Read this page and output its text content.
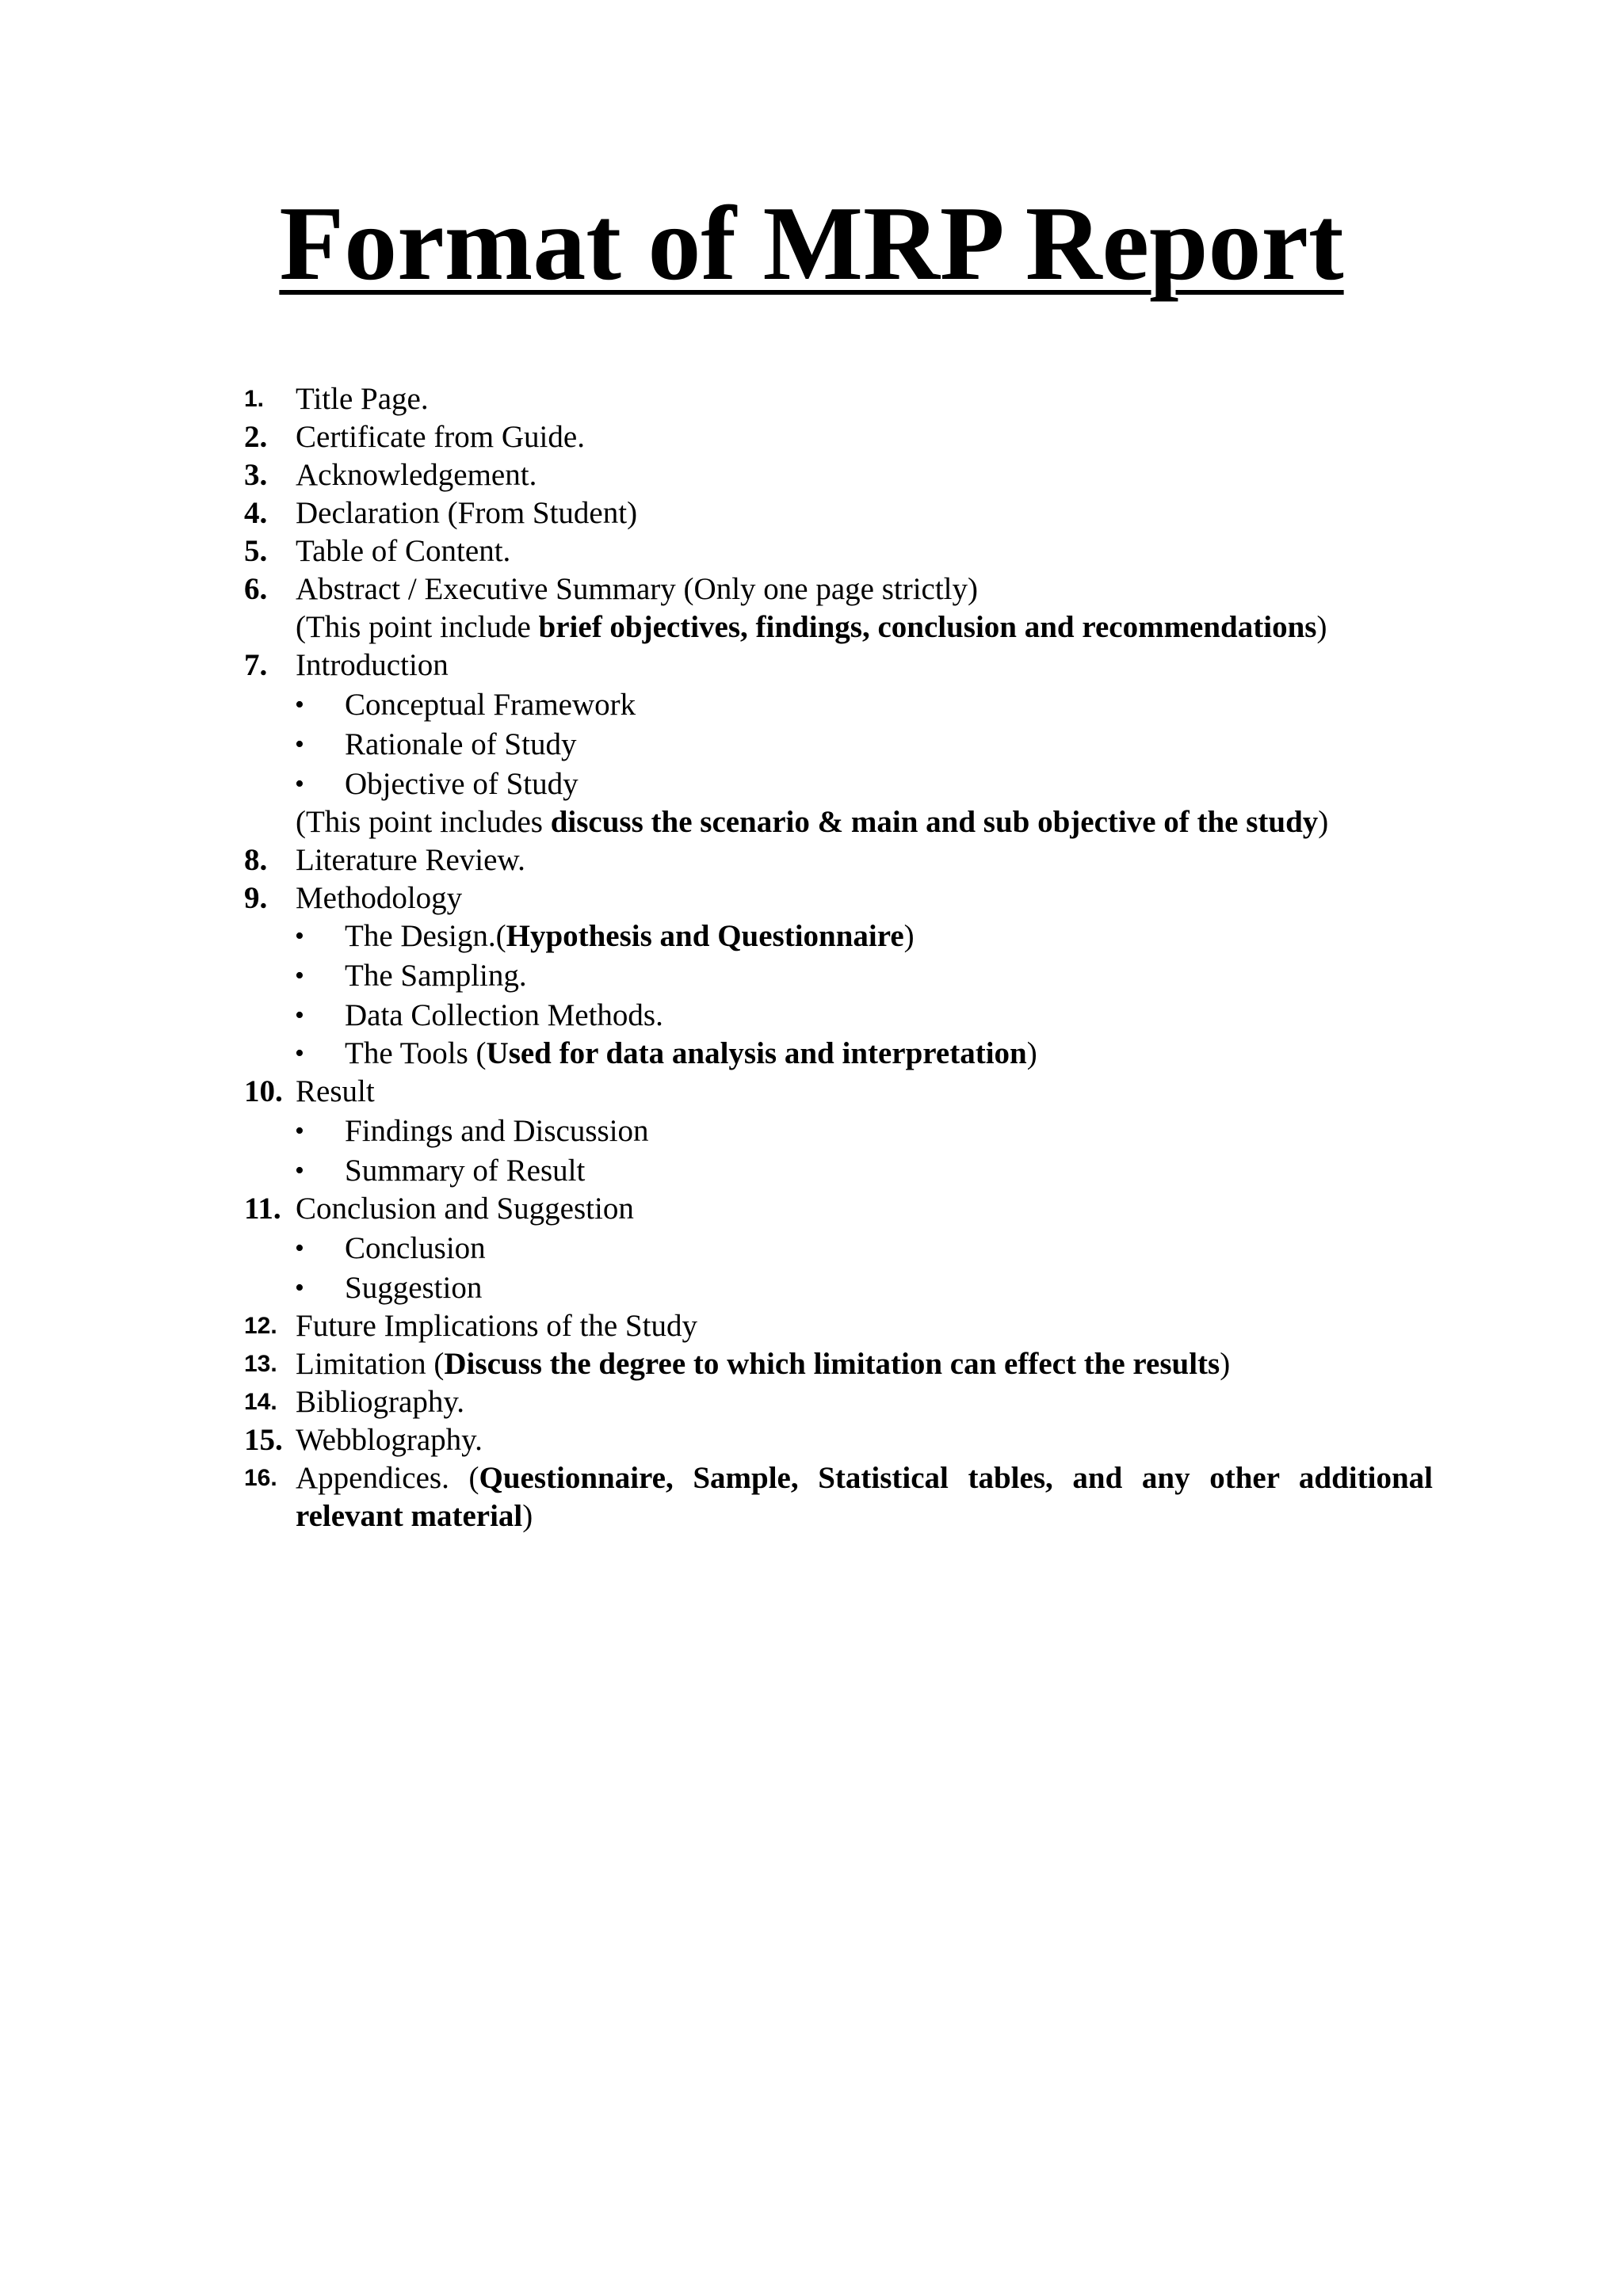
Format of MRP Report
1. Title Page.
2. Certificate from Guide.
3. Acknowledgement.
4. Declaration (From Student)
5. Table of Content.
6. Abstract / Executive Summary (Only one page strictly)
(This point include brief objectives, findings, conclusion and recommendations)
7. Introduction
• Conceptual Framework
• Rationale of Study
• Objective of Study
(This point includes discuss the scenario & main and sub objective of the study)
8. Literature Review.
9. Methodology
• The Design.(Hypothesis and Questionnaire)
• The Sampling.
• Data Collection Methods.
• The Tools (Used for data analysis and interpretation)
10. Result
• Findings and Discussion
• Summary of Result
11. Conclusion and Suggestion
• Conclusion
• Suggestion
12. Future Implications of the Study
13. Limitation (Discuss the degree to which limitation can effect the results)
14. Bibliography.
15. Webblography.
16. Appendices. (Questionnaire, Sample, Statistical tables, and any other additional
relevant material)
